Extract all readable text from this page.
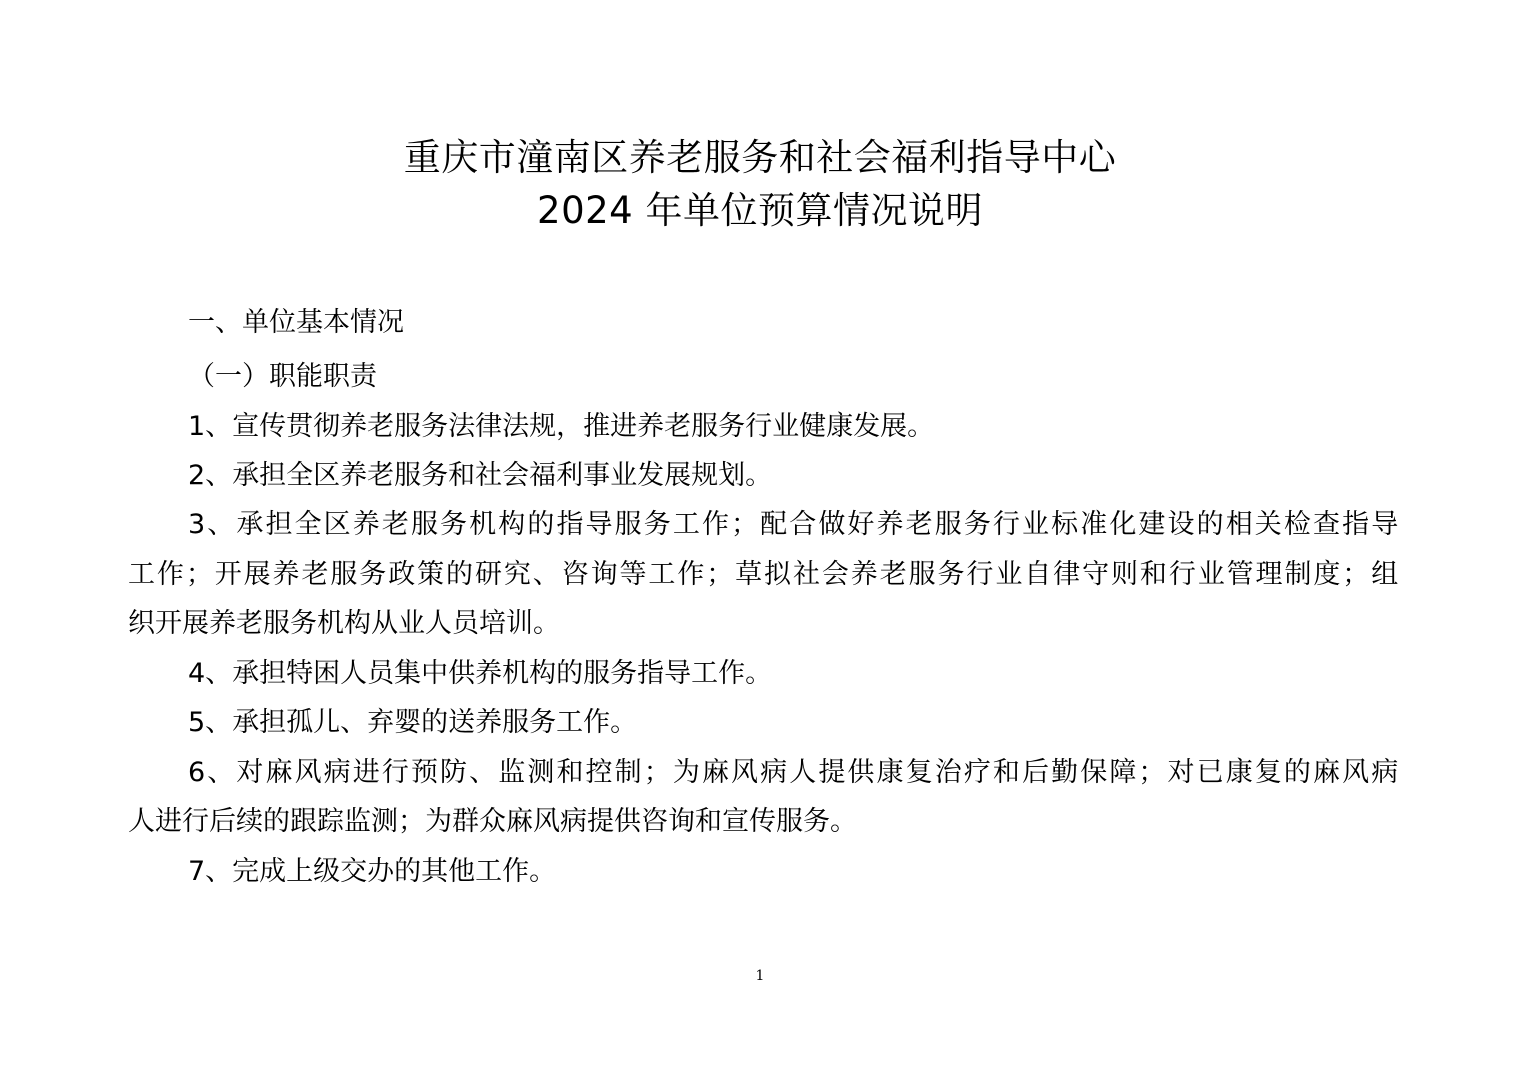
重庆市潼南区养老服务和社会福利指导中心
2024 年单位预算情况说明
一、单位基本情况
（一）职能职责
1、宣传贯彻养老服务法律法规，推进养老服务行业健康发展。
2、承担全区养老服务和社会福利事业发展规划。
3、承担全区养老服务机构的指导服务工作；配合做好养老服务行业标准化建设的相关检查指导
工作；开展养老服务政策的研究、咨询等工作；草拟社会养老服务行业自律守则和行业管理制度；组
织开展养老服务机构从业人员培训。
4、承担特困人员集中供养机构的服务指导工作。
5、承担孤儿、弃婴的送养服务工作。
6、对麻风病进行预防、监测和控制；为麻风病人提供康复治疗和后勤保障；对已康复的麻风病
人进行后续的跟踪监测；为群众麻风病提供咨询和宣传服务。
7、完成上级交办的其他工作。
1
